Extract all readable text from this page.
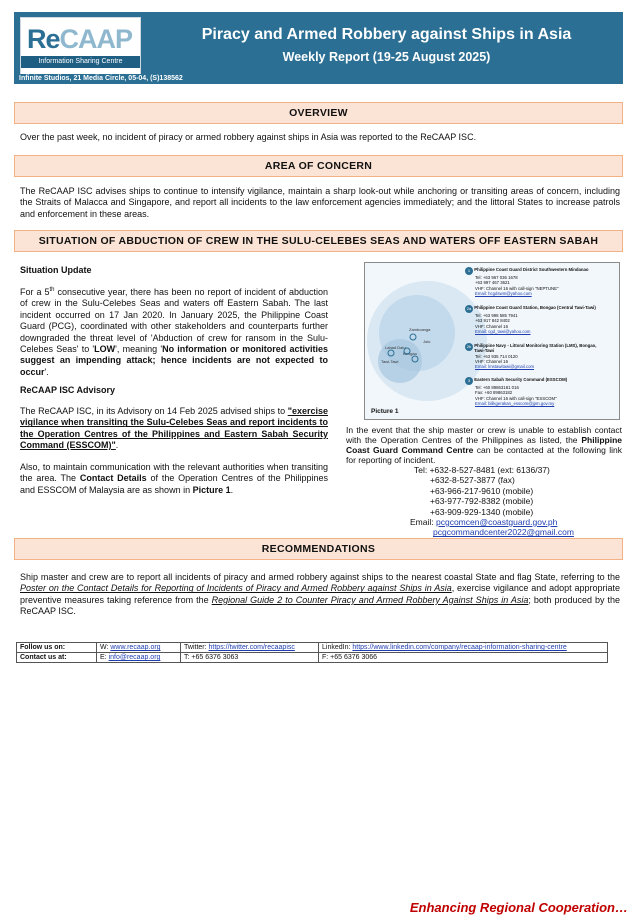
ReCAAP
Information Sharing Centre
Piracy and Armed Robbery against Ships in Asia
Weekly Report (19-25 August 2025)
Infinite Studios, 21 Media Circle, 05-04, (S)138562
OVERVIEW
Over the past week, no incident of piracy or armed robbery against ships in Asia was reported to the ReCAAP ISC.
AREA OF CONCERN
The ReCAAP ISC advises ships to continue to intensify vigilance, maintain a sharp look-out while anchoring or transiting areas of concern, including the Straits of Malacca and Singapore, and report all incidents to the law enforcement agencies immediately; and the littoral States to increase patrols and enforcement in these areas.
SITUATION OF ABDUCTION OF CREW IN THE SULU-CELEBES SEAS AND WATERS OFF EASTERN SABAH
Situation Update
For a 5th consecutive year, there has been no report of incident of abduction of crew in the Sulu-Celebes Seas and waters off Eastern Sabah. The last incident occurred on 17 Jan 2020. In January 2025, the Philippine Coast Guard (PCG), coordinated with other stakeholders and counterparts further downgraded the threat level of 'Abduction of crew for ransom in the Sulu-Celebes Seas' to 'LOW', meaning 'No information or monitored activities suggest an impending attack; hence incidents are not expected to occur'.
ReCAAP ISC Advisory
The ReCAAP ISC, in its Advisory on 14 Feb 2025 advised ships to "exercise vigilance when transiting the Sulu-Celebes Seas and report incidents to the Operation Centres of the Philippines and Eastern Sabah Security Command (ESSCOM)".
Also, to maintain communication with the relevant authorities when transiting the area. The Contact Details of the Operation Centres of the Philippines and ESSCOM of Malaysia are as shown in Picture 1.
Picture 1
Zamboanga
Jolo
Bongao
Lahad Datu
Tawi-Tawi
1 Philippine Coast Guard District Southwestern Mindanao
Tel: +63 967 036 1678
+63 997 467 3621
VHF: Channel 16 with call-sign "NEPTUNE"
Email: hcgdswm@yahoo.com
2a Philippine Coast Guard Station, Bongao (Central Tawi-Tawi)
Tel: +63 998 585 7941
+63 917 842 8402
VHF: Channel 16
Email: cgd_tawi@yahoo.com
2b Philippine Navy - Littoral Monitoring Station (LMS), Bongao, Tawi-Tawi
Tel: +63 935 714 0120
VHF: Channel 16
Email: lmstawitawi@gmail.com
3 Eastern Sabah Security Command (ESSCOM)
Tel: +60 89863181 016
Fax: +60 89863182
VHF: Channel 16 with call-sign "ESSCOM"
Email: bilikgerakan_esscom@jpm.gov.my
In the event that the ship master or crew is unable to establish contact with the Operation Centres of the Philippines as listed, the Philippine Coast Guard Command Centre can be contacted at the following link for reporting of incident.
Tel: +632-8-527-8481 (ext: 6136/37)
+632-8-527-3877 (fax)
+63-966-217-9610 (mobile)
+63-977-792-8382 (mobile)
+63-909-929-1340 (mobile)
Email: pcgcomcen@coastguard.gov.ph
pcgcommandcenter2022@gmail.com
RECOMMENDATIONS
Ship master and crew are to report all incidents of piracy and armed robbery against ships to the nearest coastal State and flag State, referring to the Poster on the Contact Details for Reporting of Incidents of Piracy and Armed Robbery against Ships in Asia, exercise vigilance and adopt appropriate preventive measures taking reference from the Regional Guide 2 to Counter Piracy and Armed Robbery Against Ships in Asia; both produced by the ReCAAP ISC.
Follow us on:	W: www.recaap.org	Twitter: https://twitter.com/recaapisc	LinkedIn: https://www.linkedin.com/company/recaap-information-sharing-centre
Contact us at:	E: info@recaap.org	T: +65 6376 3063	F: +65 6376 3066
Enhancing Regional Cooperation…
